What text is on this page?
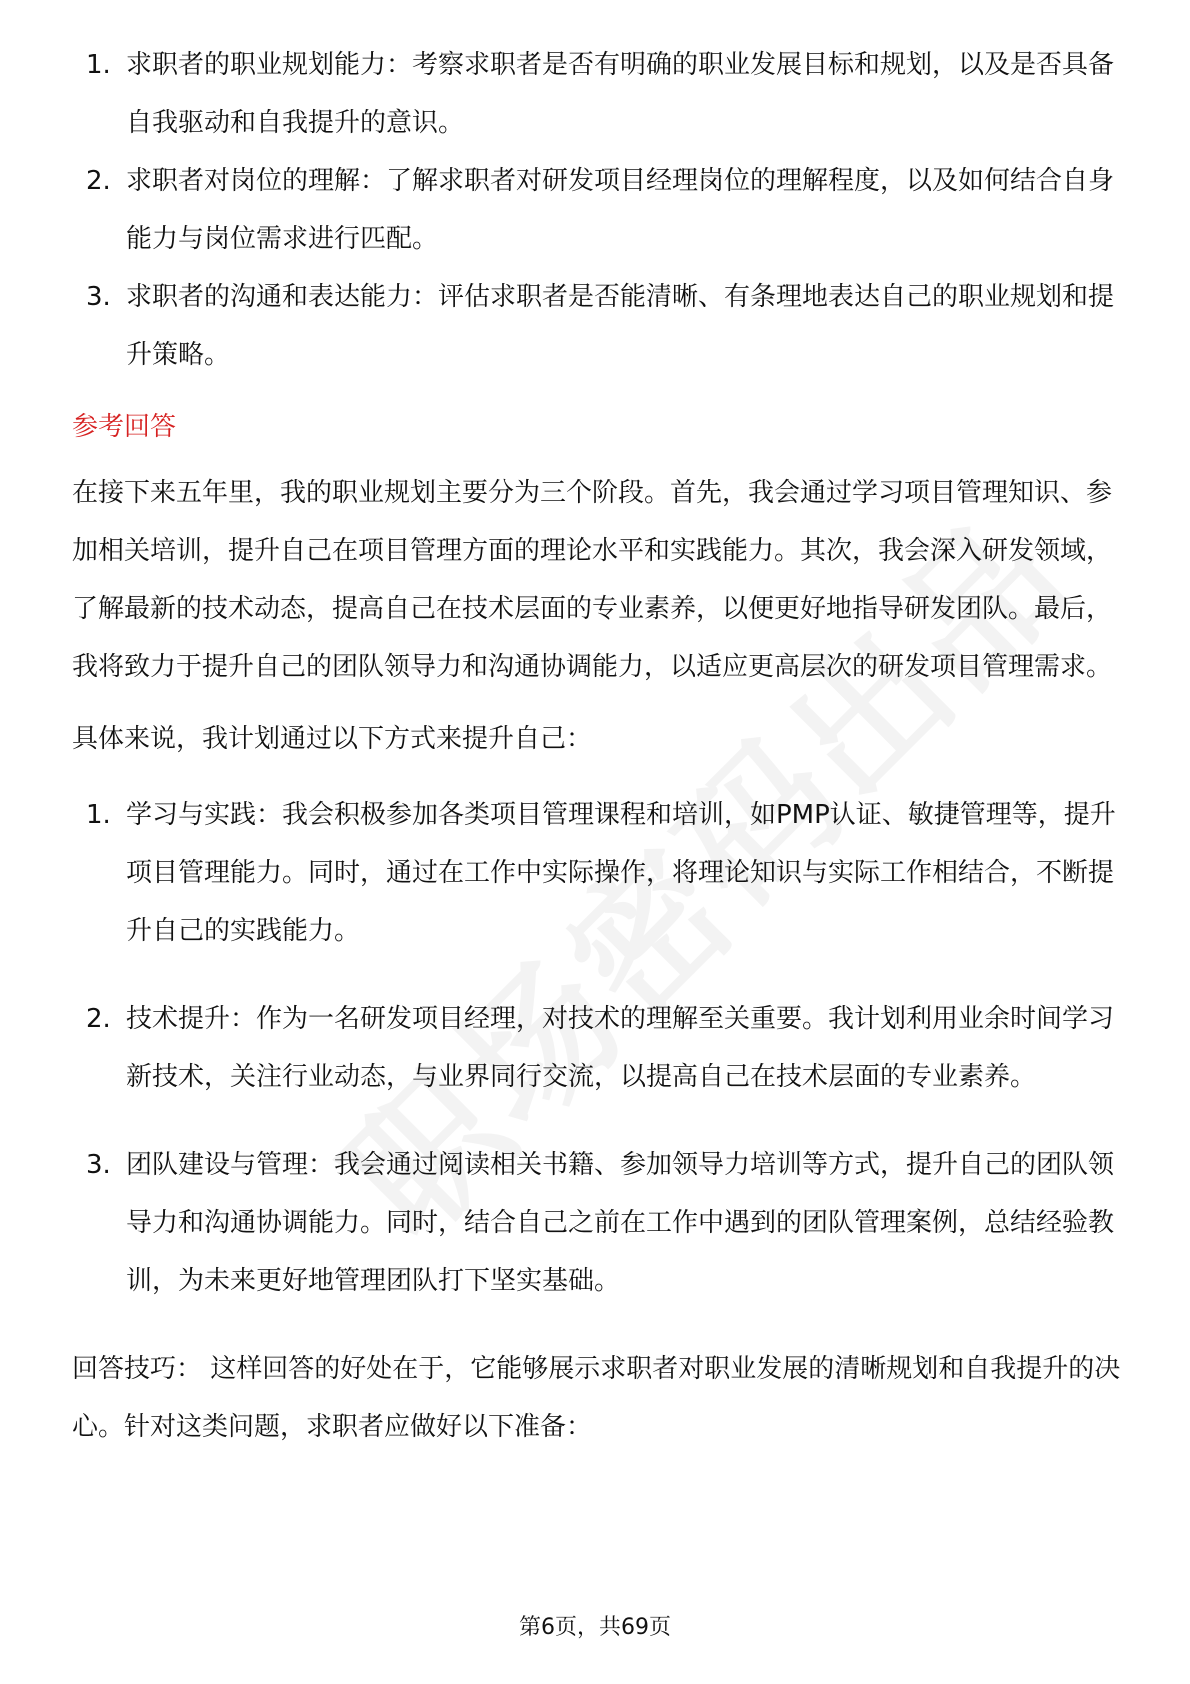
1. 求职者的职业规划能力：考察求职者是否有明确的职业发展目标和规划，以及是否具备自我驱动和自我提升的意识。
2. 求职者对岗位的理解：了解求职者对研发项目经理岗位的理解程度，以及如何结合自身能力与岗位需求进行匹配。
3. 求职者的沟通和表达能力：评估求职者是否能清晰、有条理地表达自己的职业规划和提升策略。
参考回答

在接下来五年里，我的职业规划主要分为三个阶段。首先，我会通过学习项目管理知识、参加相关培训，提升自己在项目管理方面的理论水平和实践能力。其次，我会深入研发领域，了解最新的技术动态，提高自己在技术层面的专业素养，以便更好地指导研发团队。最后，我将致力于提升自己的团队领导力和沟通协调能力，以适应更高层次的研发项目管理需求。

具体来说，我计划通过以下方式来提升自己：

1. 学习与实践：我会积极参加各类项目管理课程和培训，如PMP认证、敏捷管理等，提升项目管理能力。同时，通过在工作中实际操作，将理论知识与实际工作相结合，不断提升自己的实践能力。
2. 技术提升：作为一名研发项目经理，对技术的理解至关重要。我计划利用业余时间学习新技术，关注行业动态，与业界同行交流，以提高自己在技术层面的专业素养。
3. 团队建设与管理：我会通过阅读相关书籍、参加领导力培训等方式，提升自己的团队领导力和沟通协调能力。同时，结合自己之前在工作中遇到的团队管理案例，总结经验教训，为未来更好地管理团队打下坚实基础。

回答技巧： 这样回答的好处在于，它能够展示求职者对职业发展的清晰规划和自我提升的决心。针对这类问题，求职者应做好以下准备：

第6页，共69页
